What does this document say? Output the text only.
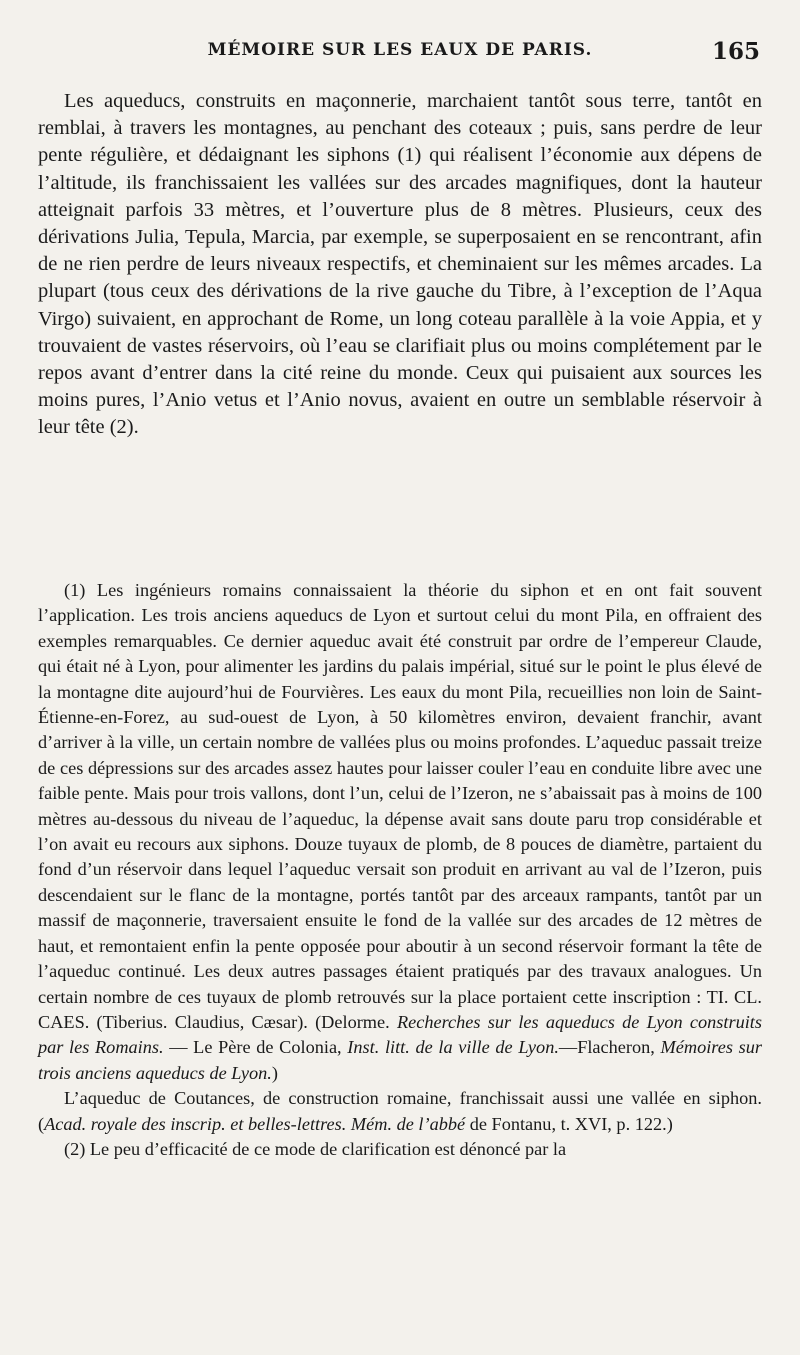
MÉMOIRE SUR LES EAUX DE PARIS.	165

Les aqueducs, construits en maçonnerie, marchaient tantôt sous terre, tantôt en remblai, à travers les montagnes, au penchant des coteaux ; puis, sans perdre de leur pente régulière, et dédaignant les siphons (1) qui réalisent l’économie aux dépens de l’altitude, ils franchissaient les vallées sur des arcades magnifiques, dont la hauteur atteignait parfois 33 mètres, et l’ouverture plus de 8 mètres. Plusieurs, ceux des dérivations Julia, Tepula, Marcia, par exemple, se superposaient en se rencontrant, afin de ne rien perdre de leurs niveaux respectifs, et cheminaient sur les mêmes arcades. La plupart (tous ceux des dérivations de la rive gauche du Tibre, à l’exception de l’Aqua Virgo) suivaient, en approchant de Rome, un long coteau parallèle à la voie Appia, et y trouvaient de vastes réservoirs, où l’eau se clarifiait plus ou moins complétement par le repos avant d’entrer dans la cité reine du monde. Ceux qui puisaient aux sources les moins pures, l’Anio vetus et l’Anio novus, avaient en outre un semblable réservoir à leur tête (2).

(1) Les ingénieurs romains connaissaient la théorie du siphon et en ont fait souvent l’application. Les trois anciens aqueducs de Lyon et surtout celui du mont Pila, en offraient des exemples remarquables. Ce dernier aqueduc avait été construit par ordre de l’empereur Claude, qui était né à Lyon, pour alimenter les jardins du palais impérial, situé sur le point le plus élevé de la montagne dite aujourd’hui de Fourvières. Les eaux du mont Pila, recueillies non loin de Saint-Étienne-en-Forez, au sud-ouest de Lyon, à 50 kilomètres environ, devaient franchir, avant d’arriver à la ville, un certain nombre de vallées plus ou moins profondes. L’aqueduc passait treize de ces dépressions sur des arcades assez hautes pour laisser couler l’eau en conduite libre avec une faible pente. Mais pour trois vallons, dont l’un, celui de l’Izeron, ne s’abaissait pas à moins de 100 mètres au-dessous du niveau de l’aqueduc, la dépense avait sans doute paru trop considérable et l’on avait eu recours aux siphons. Douze tuyaux de plomb, de 8 pouces de diamètre, partaient du fond d’un réservoir dans lequel l’aqueduc versait son produit en arrivant au val de l’Izeron, puis descendaient sur le flanc de la montagne, portés tantôt par des arceaux rampants, tantôt par un massif de maçonnerie, traversaient ensuite le fond de la vallée sur des arcades de 12 mètres de haut, et remontaient enfin la pente opposée pour aboutir à un second réservoir formant la tête de l’aqueduc continué. Les deux autres passages étaient pratiqués par des travaux analogues. Un certain nombre de ces tuyaux de plomb retrouvés sur la place portaient cette inscription : TI. CL. CAES. (Tiberius. Claudius, Cæsar). (Delorme. Recherches sur les aqueducs de Lyon construits par les Romains. — Le Père de Colonia, Inst. litt. de la ville de Lyon.—Flacheron, Mémoires sur trois anciens aqueducs de Lyon.)

L’aqueduc de Coutances, de construction romaine, franchissait aussi une vallée en siphon. (Acad. royale des inscrip. et belles-lettres. Mém. de l’abbé de Fontanu, t. XVI, p. 122.)

(2) Le peu d’efficacité de ce mode de clarification est dénoncé par la
